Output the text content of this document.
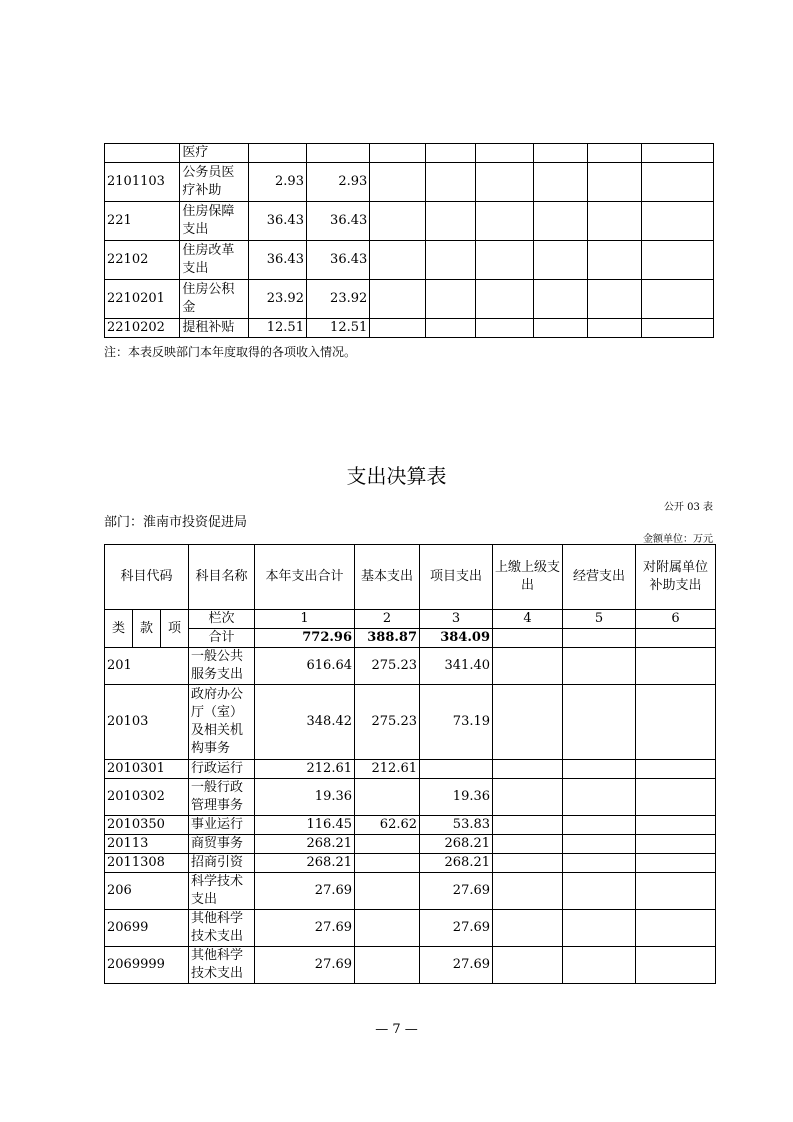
	医疗								
2101103	公务员医疗补助	2.93	2.93						
221	住房保障支出	36.43	36.43						
22102	住房改革支出	36.43	36.43						
2210201	住房公积金	23.92	23.92						
2210202	提租补贴	12.51	12.51						
注：本表反映部门本年度取得的各项收入情况。
支出决算表
公开 03 表
部门：淮南市投资促进局
金额单位：万元
科目代码			科目名称	本年支出合计	基本支出	项目支出	上缴上级支出	经营支出	对附属单位补助支出
类	款	项	栏次	1	2	3	4	5	6
			合计	772.96	388.87	384.09			
201			一般公共服务支出	616.64	275.23	341.40			
20103			政府办公厅（室）及相关机构事务	348.42	275.23	73.19			
2010301			行政运行	212.61	212.61				
2010302			一般行政管理事务	19.36		19.36			
2010350			事业运行	116.45	62.62	53.83			
20113			商贸事务	268.21		268.21			
2011308			招商引资	268.21		268.21			
206			科学技术支出	27.69		27.69			
20699			其他科学技术支出	27.69		27.69			
2069999			其他科学技术支出	27.69		27.69			
— 7 —
